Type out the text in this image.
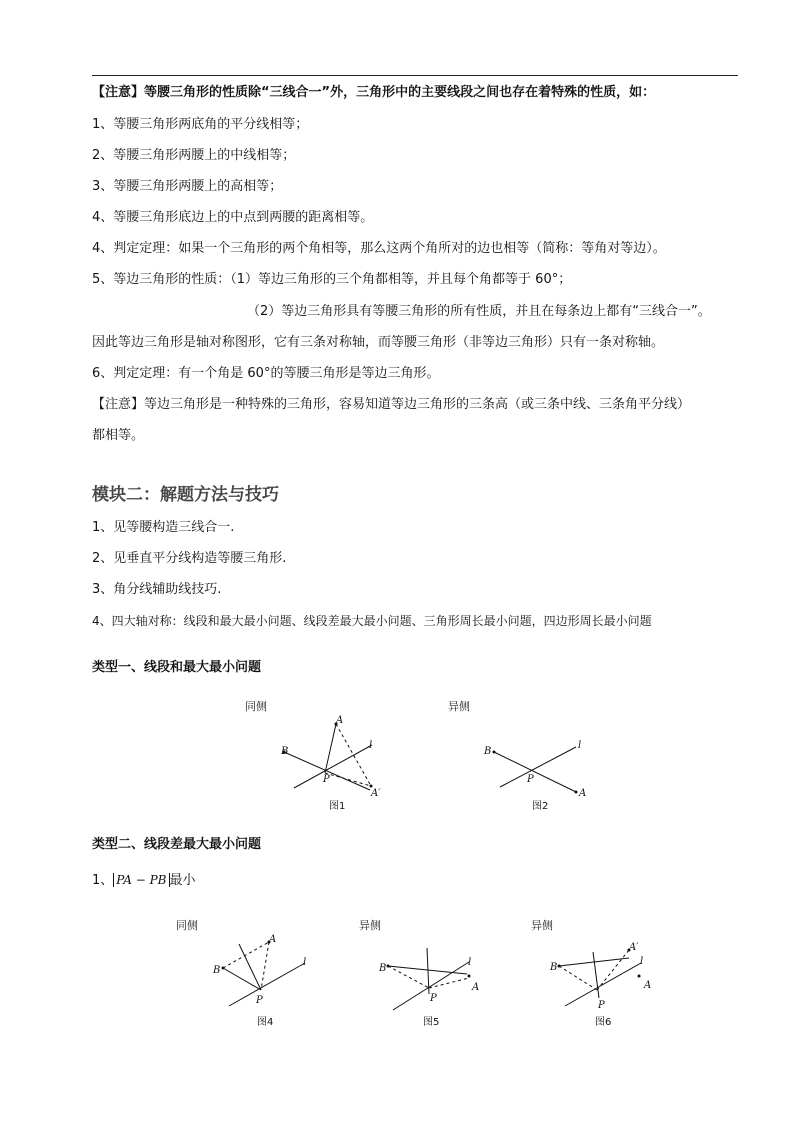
【注意】等腰三角形的性质除“三线合一”外，三角形中的主要线段之间也存在着特殊的性质，如：
1、等腰三角形两底角的平分线相等；
2、等腰三角形两腰上的中线相等；
3、等腰三角形两腰上的高相等；
4、等腰三角形底边上的中点到两腰的距离相等。
4、判定定理：如果一个三角形的两个角相等，那么这两个角所对的边也相等（简称：等角对等边）。
5、等边三角形的性质：（1）等边三角形的三个角都相等，并且每个角都等于 60°；
（2）等边三角形具有等腰三角形的所有性质，并且在每条边上都有“三线合一”。
因此等边三角形是轴对称图形，它有三条对称轴，而等腰三角形（非等边三角形）只有一条对称轴。
6、判定定理：有一个角是 60°的等腰三角形是等边三角形。
【注意】等边三角形是一种特殊的三角形，容易知道等边三角形的三条高（或三条中线、三条角平分线）
都相等。
模块二：解题方法与技巧
1、见等腰构造三线合一.
2、见垂直平分线构造等腰三角形.
3、角分线辅助线技巧.
4、四大轴对称：线段和最大最小问题、线段差最大最小问题、三角形周长最小问题，四边形周长最小问题
类型一、线段和最大最小问题
同侧	异侧
A
B
P
A′
l
图1
B
P
A
l
图2
类型二、线段差最大最小问题
1、 PA − PB 最小
同侧	异侧	异侧
A
B
P
l
图4
B
P
A
l
图5
A′
B
P
A
l
图6
